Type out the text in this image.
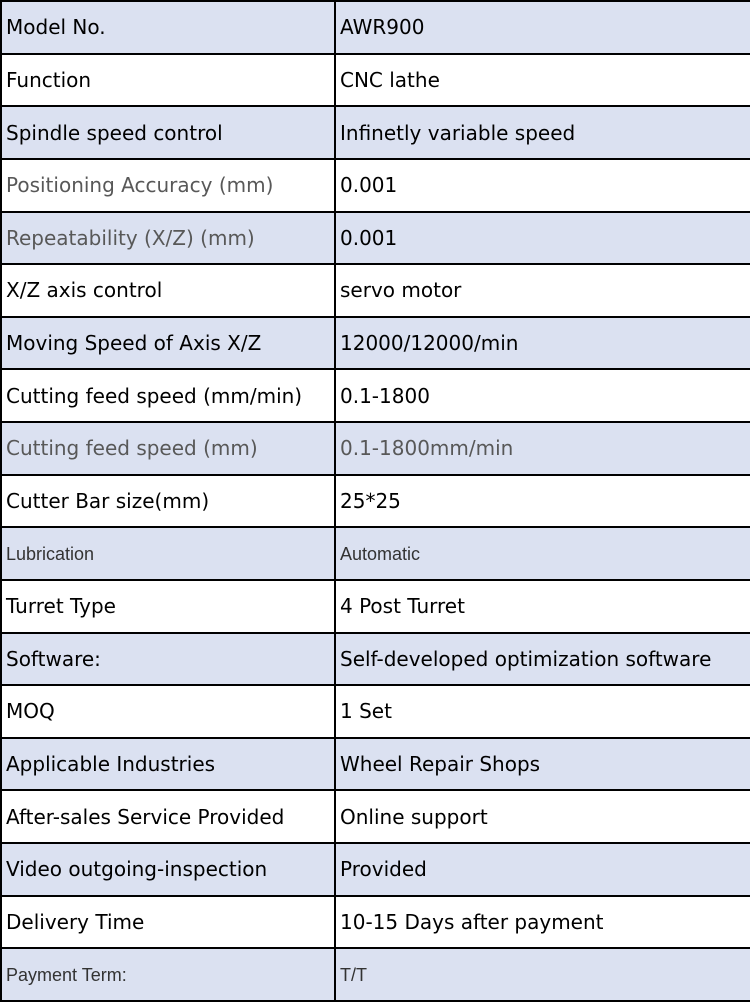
Model No.	AWR900
Function	CNC lathe
Spindle speed control	Infinetly variable speed
Positioning Accuracy (mm)	0.001
Repeatability (X/Z) (mm)	0.001
X/Z axis control	servo motor
Moving Speed of Axis X/Z	12000/12000/min
Cutting feed speed (mm/min)	0.1-1800
Cutting feed speed (mm)	0.1-1800mm/min
Cutter Bar size(mm)	25*25
Lubrication	Automatic
Turret Type	4 Post Turret
Software:	Self-developed optimization software
MOQ	1 Set
Applicable Industries	Wheel Repair Shops
After-sales Service Provided	Online support
Video outgoing-inspection	Provided
Delivery Time	10-15 Days after payment
Payment Term:	T/T
